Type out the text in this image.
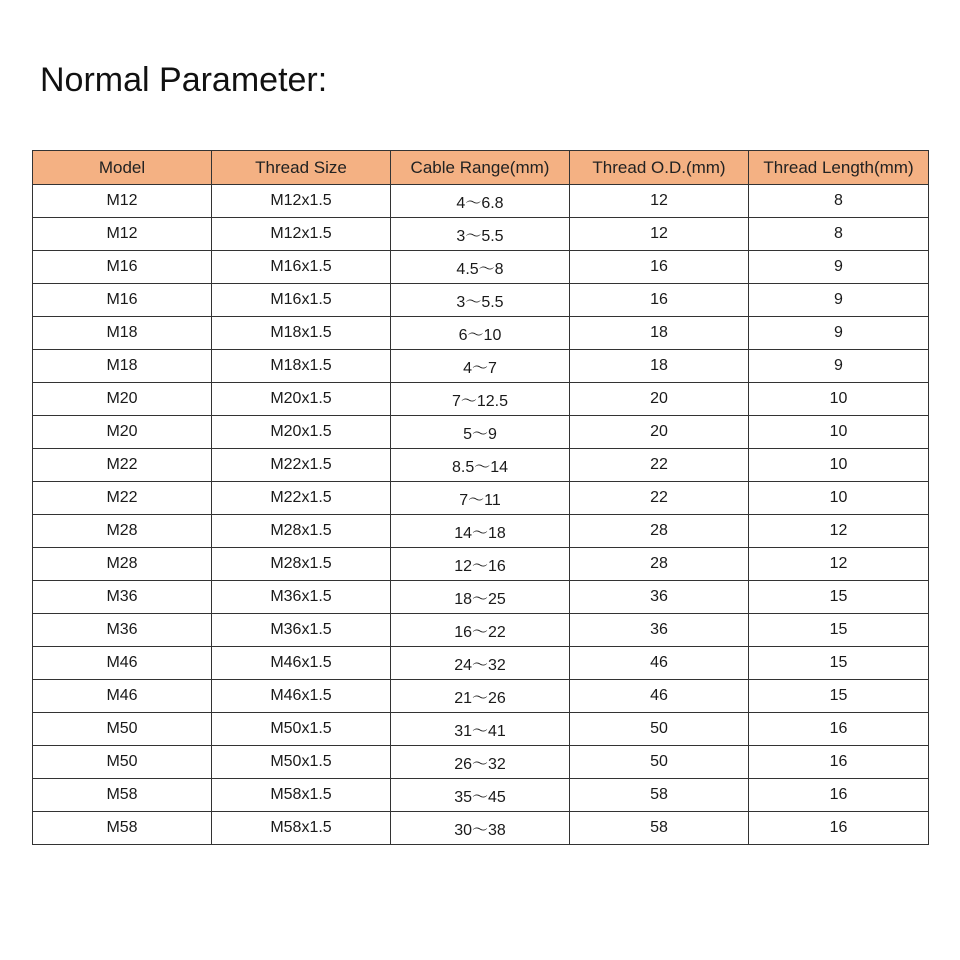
Normal Parameter:
Model	Thread Size	Cable Range(mm)	Thread O.D.(mm)	Thread Length(mm)
M12	M12x1.5	4～6.8	12	8
M12	M12x1.5	3～5.5	12	8
M16	M16x1.5	4.5～8	16	9
M16	M16x1.5	3～5.5	16	9
M18	M18x1.5	6～10	18	9
M18	M18x1.5	4～7	18	9
M20	M20x1.5	7～12.5	20	10
M20	M20x1.5	5～9	20	10
M22	M22x1.5	8.5～14	22	10
M22	M22x1.5	7～11	22	10
M28	M28x1.5	14～18	28	12
M28	M28x1.5	12～16	28	12
M36	M36x1.5	18～25	36	15
M36	M36x1.5	16～22	36	15
M46	M46x1.5	24～32	46	15
M46	M46x1.5	21～26	46	15
M50	M50x1.5	31～41	50	16
M50	M50x1.5	26～32	50	16
M58	M58x1.5	35～45	58	16
M58	M58x1.5	30～38	58	16
